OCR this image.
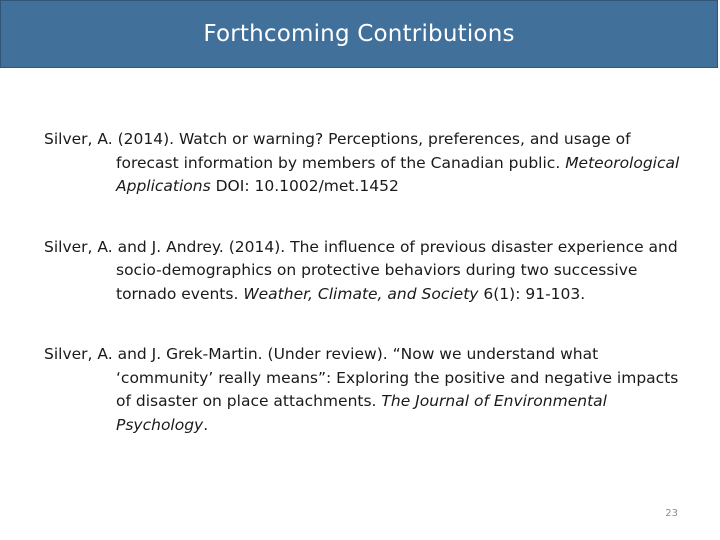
Forthcoming Contributions

Silver, A. (2014). Watch or warning? Perceptions, preferences, and usage of forecast information by members of the Canadian public. Meteorological Applications DOI: 10.1002/met.1452

Silver, A. and J. Andrey. (2014). The influence of previous disaster experience and socio-demographics on protective behaviors during two successive tornado events. Weather, Climate, and Society 6(1): 91-103.

Silver, A. and J. Grek-Martin. (Under review). “Now we understand what ‘community’ really means”: Exploring the positive and negative impacts of disaster on place attachments. The Journal of Environmental Psychology.

23
